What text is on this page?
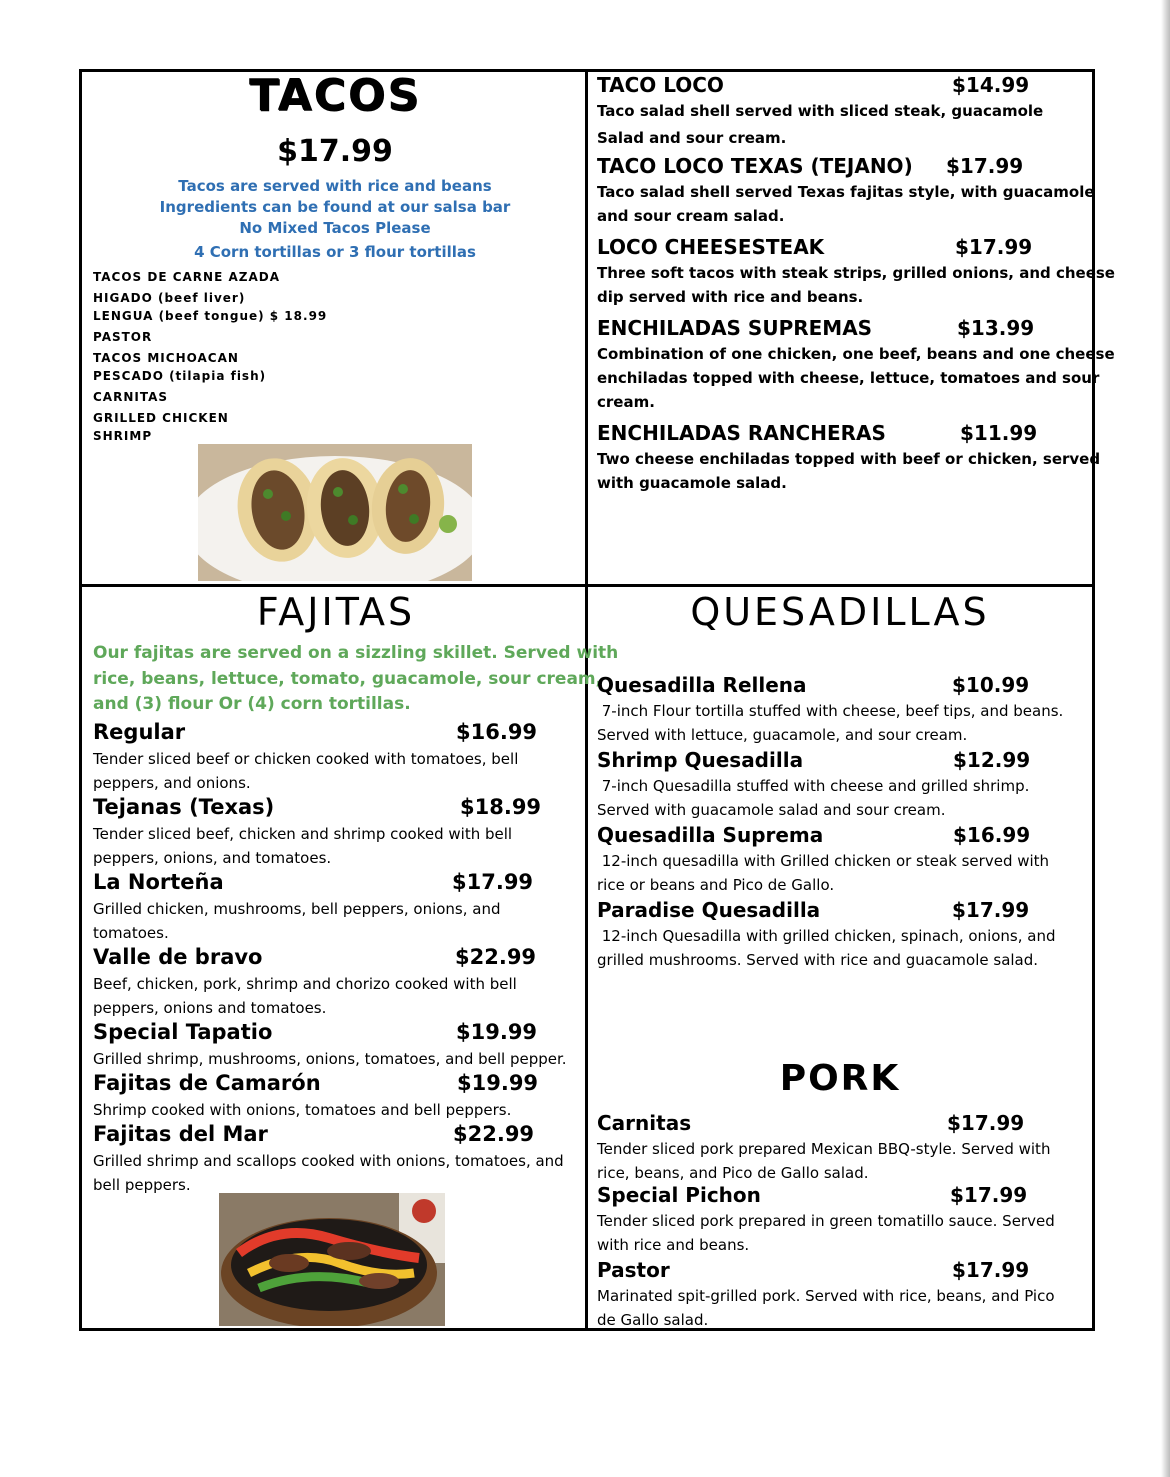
TACOS
$17.99
Tacos are served with rice and beans
Ingredients can be found at our salsa bar
No Mixed Tacos Please
4 Corn tortillas or 3 flour tortillas
TACOS DE CARNE AZADA
HIGADO (beef liver)
LENGUA (beef tongue) $ 18.99
PASTOR
TACOS MICHOACAN
PESCADO (tilapia fish)
CARNITAS
GRILLED CHICKEN
SHRIMP
TACO LOCO	$14.99
Taco salad shell served with sliced steak, guacamole
Salad and sour cream.
TACO LOCO TEXAS (TEJANO) $17.99
Taco salad shell served Texas fajitas style, with guacamole
and sour cream salad.
LOCO CHEESESTEAK	$17.99
Three soft tacos with steak strips, grilled onions, and cheese
dip served with rice and beans.
ENCHILADAS SUPREMAS	$13.99
Combination of one chicken, one beef, beans and one cheese
enchiladas topped with cheese, lettuce, tomatoes and sour
cream.
ENCHILADAS RANCHERAS	$11.99
Two cheese enchiladas topped with beef or chicken, served
with guacamole salad.
FAJITAS
Our fajitas are served on a sizzling skillet. Served with
rice, beans, lettuce, tomato, guacamole, sour cream,
and (3) flour Or (4) corn tortillas.
Regular	$16.99
Tender sliced beef or chicken cooked with tomatoes, bell
peppers, and onions.
Tejanas (Texas)	$18.99
Tender sliced beef, chicken and shrimp cooked with bell
peppers, onions, and tomatoes.
La Norteña	$17.99
Grilled chicken, mushrooms, bell peppers, onions, and
tomatoes.
Valle de bravo	$22.99
Beef, chicken, pork, shrimp and chorizo cooked with bell
peppers, onions and tomatoes.
Special Tapatio	$19.99
Grilled shrimp, mushrooms, onions, tomatoes, and bell pepper.
Fajitas de Camarón	$19.99
Shrimp cooked with onions, tomatoes and bell peppers.
Fajitas del Mar	$22.99
Grilled shrimp and scallops cooked with onions, tomatoes, and
bell peppers.
QUESADILLAS
Quesadilla Rellena	$10.99
7-inch Flour tortilla stuffed with cheese, beef tips, and beans.
Served with lettuce, guacamole, and sour cream.
Shrimp Quesadilla	$12.99
7-inch Quesadilla stuffed with cheese and grilled shrimp.
Served with guacamole salad and sour cream.
Quesadilla Suprema	$16.99
12-inch quesadilla with Grilled chicken or steak served with
rice or beans and Pico de Gallo.
Paradise Quesadilla	$17.99
12-inch Quesadilla with grilled chicken, spinach, onions, and
grilled mushrooms. Served with rice and guacamole salad.
PORK
Carnitas	$17.99
Tender sliced pork prepared Mexican BBQ-style. Served with
rice, beans, and Pico de Gallo salad.
Special Pichon	$17.99
Tender sliced pork prepared in green tomatillo sauce. Served
with rice and beans.
Pastor	$17.99
Marinated spit-grilled pork. Served with rice, beans, and Pico
de Gallo salad.
